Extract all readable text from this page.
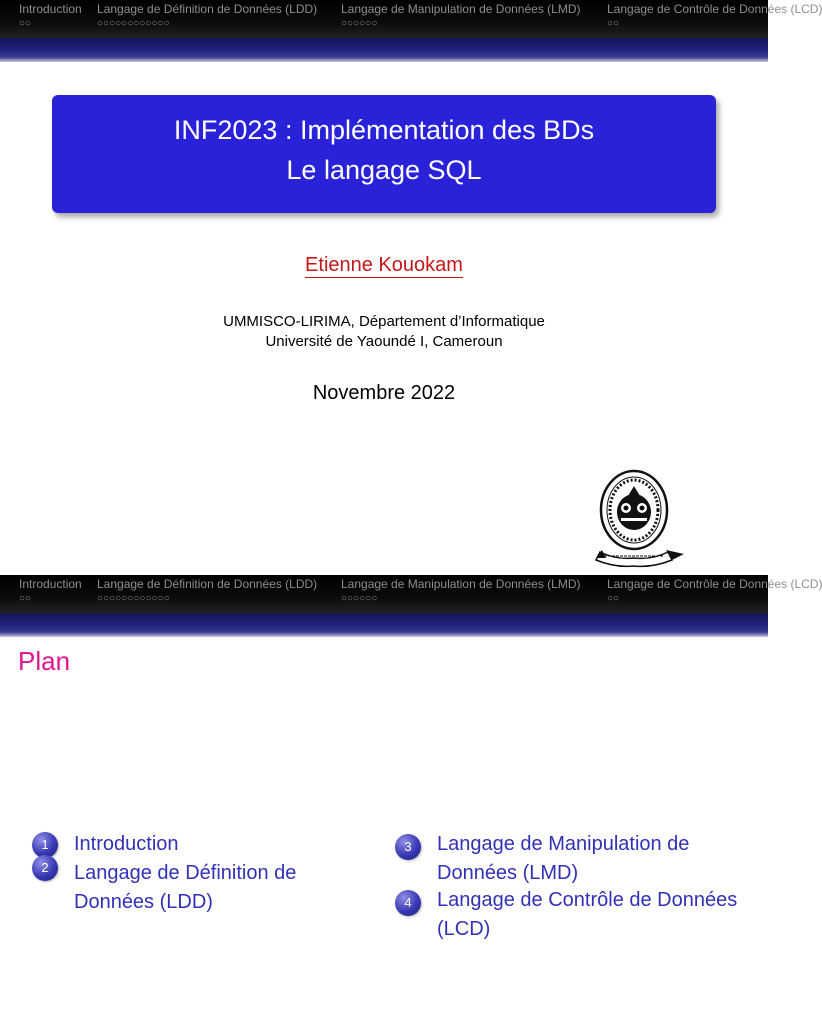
Introduction
○○
Langage de Définition de Données (LDD)
○○○○○○○○○○○○
Langage de Manipulation de Données (LMD)
○○○○○○
Langage de Contrôle de Données (LCD)
○○
INF2023 : Implémentation des BDs
Le langage SQL
Etienne Kouokam
UMMISCO-LIRIMA, Département d’Informatique
Université de Yaoundé I, Cameroun
Novembre 2022
Introduction
○○
Langage de Définition de Données (LDD)
○○○○○○○○○○○○
Langage de Manipulation de Données (LMD)
○○○○○○
Langage de Contrôle de Données (LCD)
○○
Plan
1	Introduction
2	Langage de Définition de Données (LDD)
3	Langage de Manipulation de Données (LMD)
4	Langage de Contrôle de Données (LCD)
